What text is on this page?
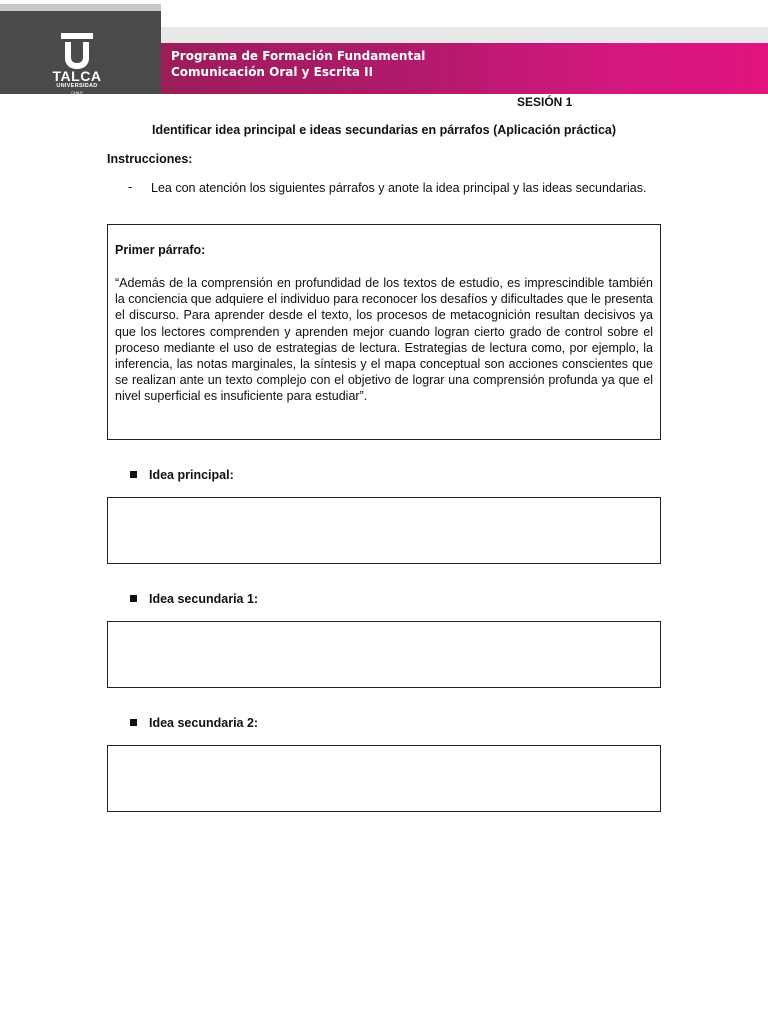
TALCA
UNIVERSIDAD
CHILE
Programa de Formación Fundamental
Comunicación Oral y Escrita II
SESIÓN 1
Identificar idea principal e ideas secundarias en párrafos (Aplicación práctica)
Instrucciones:
- Lea con atención los siguientes párrafos y anote la idea principal y las ideas secundarias.
Primer párrafo:
“Además de la comprensión en profundidad de los textos de estudio, es imprescindible también la conciencia que adquiere el individuo para reconocer los desafíos y dificultades que le presenta el discurso. Para aprender desde el texto, los procesos de metacognición resultan decisivos ya que los lectores comprenden y aprenden mejor cuando logran cierto grado de control sobre el proceso mediante el uso de estrategias de lectura. Estrategias de lectura como, por ejemplo, la inferencia, las notas marginales, la síntesis y el mapa conceptual son acciones conscientes que se realizan ante un texto complejo con el objetivo de lograr una comprensión profunda ya que el nivel superficial es insuficiente para estudiar”.
Idea principal:
Idea secundaria 1:
Idea secundaria 2:
